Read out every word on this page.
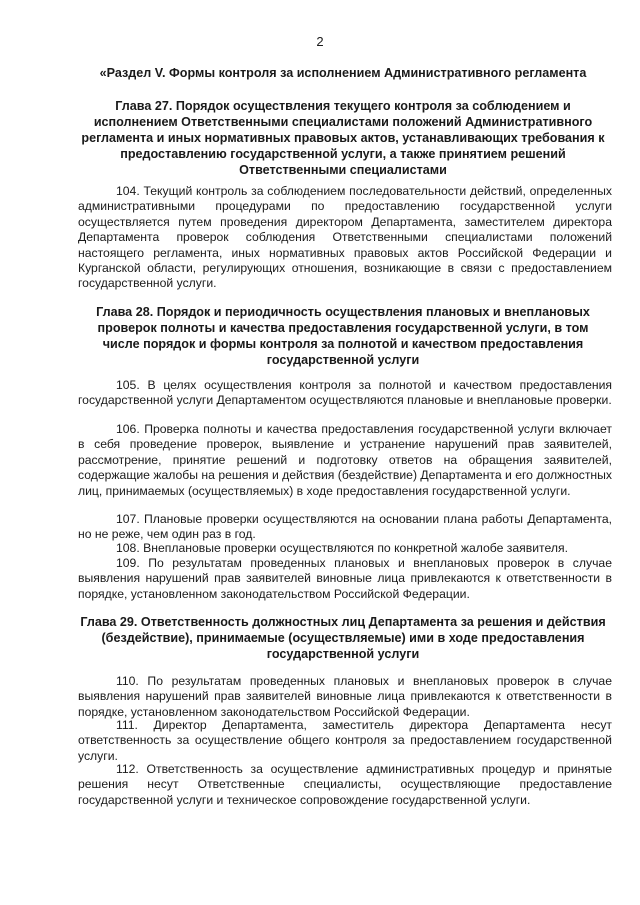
2
«Раздел V. Формы контроля за исполнением Административного регламента
Глава 27. Порядок осуществления текущего контроля за соблюдением и исполнением Ответственными специалистами положений Административного регламента и иных нормативных правовых актов, устанавливающих требования к предоставлению государственной услуги, а также принятием решений Ответственными специалистами
104. Текущий контроль за соблюдением последовательности действий, определенных административными процедурами по предоставлению государственной услуги осуществляется путем проведения директором Департамента, заместителем директора Департамента проверок соблюдения Ответственными специалистами положений настоящего регламента, иных нормативных правовых актов Российской Федерации и Курганской области, регулирующих отношения, возникающие в связи с предоставлением государственной услуги.
Глава 28. Порядок и периодичность осуществления плановых и внеплановых проверок полноты и качества предоставления государственной услуги, в том числе порядок и формы контроля за полнотой и качеством предоставления государственной услуги
105. В целях осуществления контроля за полнотой и качеством предоставления государственной услуги Департаментом осуществляются плановые и внеплановые проверки.
106. Проверка полноты и качества предоставления государственной услуги включает в себя проведение проверок, выявление и устранение нарушений прав заявителей, рассмотрение, принятие решений и подготовку ответов на обращения заявителей, содержащие жалобы на решения и действия (бездействие) Департамента и его должностных лиц, принимаемых (осуществляемых) в ходе предоставления государственной услуги.
107. Плановые проверки осуществляются на основании плана работы Департамента, но не реже, чем один раз в год.
108. Внеплановые проверки осуществляются по конкретной жалобе заявителя.
109. По результатам проведенных плановых и внеплановых проверок в случае выявления нарушений прав заявителей виновные лица привлекаются к ответственности в порядке, установленном законодательством Российской Федерации.
Глава 29. Ответственность должностных лиц Департамента за решения и действия (бездействие), принимаемые (осуществляемые) ими в ходе предоставления государственной услуги
110. По результатам проведенных плановых и внеплановых проверок в случае выявления нарушений прав заявителей виновные лица привлекаются к ответственности в порядке, установленном законодательством Российской Федерации.
111. Директор Департамента, заместитель директора Департамента несут ответственность за осуществление общего контроля за предоставлением государственной услуги.
112. Ответственность за осуществление административных процедур и принятые решения несут Ответственные специалисты, осуществляющие предоставление государственной услуги и техническое сопровождение государственной услуги.
